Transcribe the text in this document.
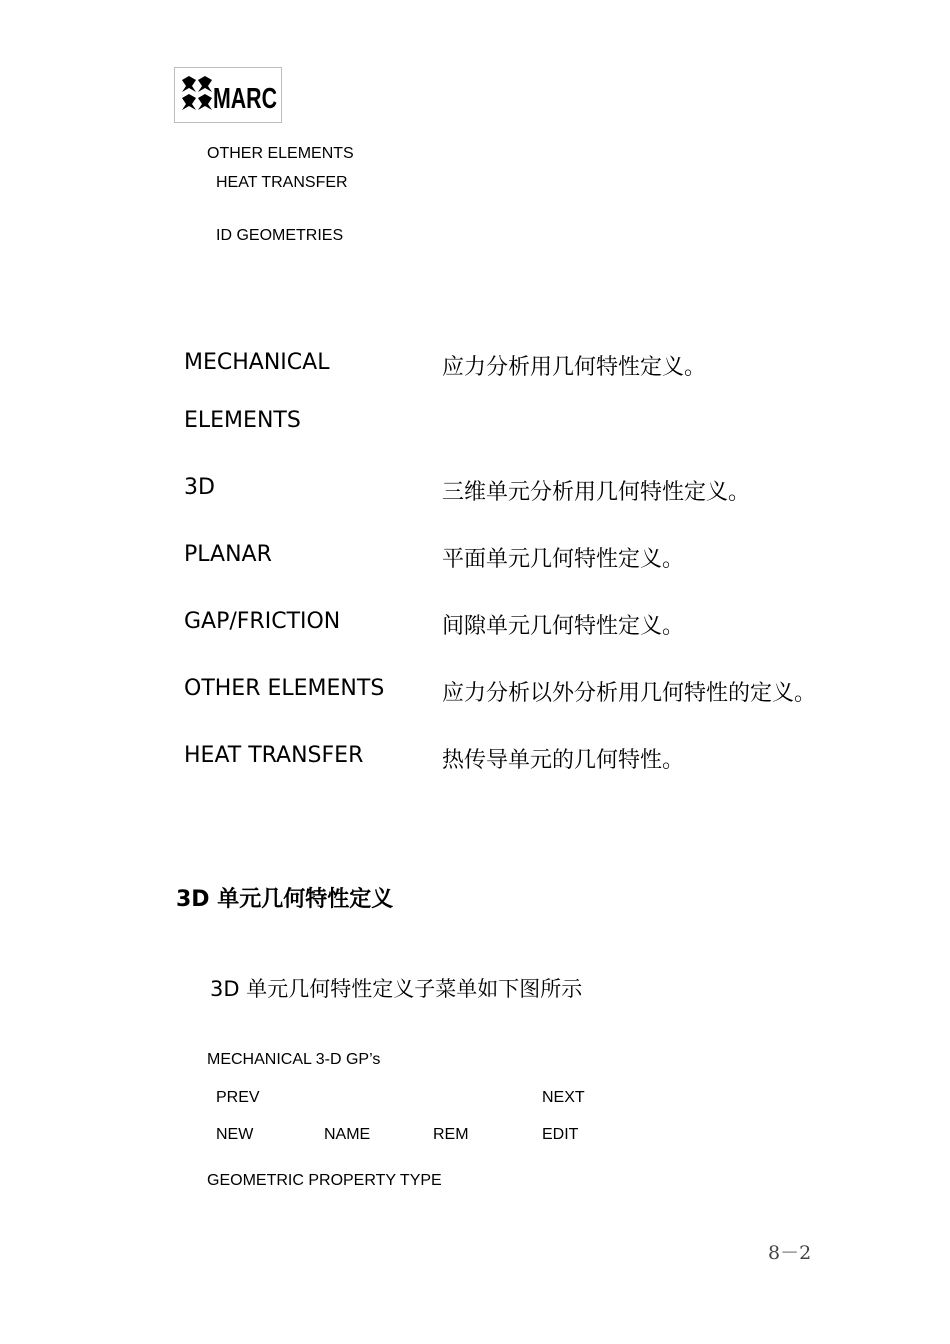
MARC
OTHER ELEMENTS
HEAT TRANSFER
ID GEOMETRIES
MECHANICAL	应力分析用几何特性定义。
ELEMENTS
3D	三维单元分析用几何特性定义。
PLANAR	平面单元几何特性定义。
GAP/FRICTION	间隙单元几何特性定义。
OTHER ELEMENTS	应力分析以外分析用几何特性的定义。
HEAT TRANSFER	热传导单元的几何特性。
3D 单元几何特性定义
3D 单元几何特性定义子菜单如下图所示
MECHANICAL 3-D GP’s
PREV	NEXT
NEW	NAME	REM	EDIT
GEOMETRIC PROPERTY TYPE
8－2
